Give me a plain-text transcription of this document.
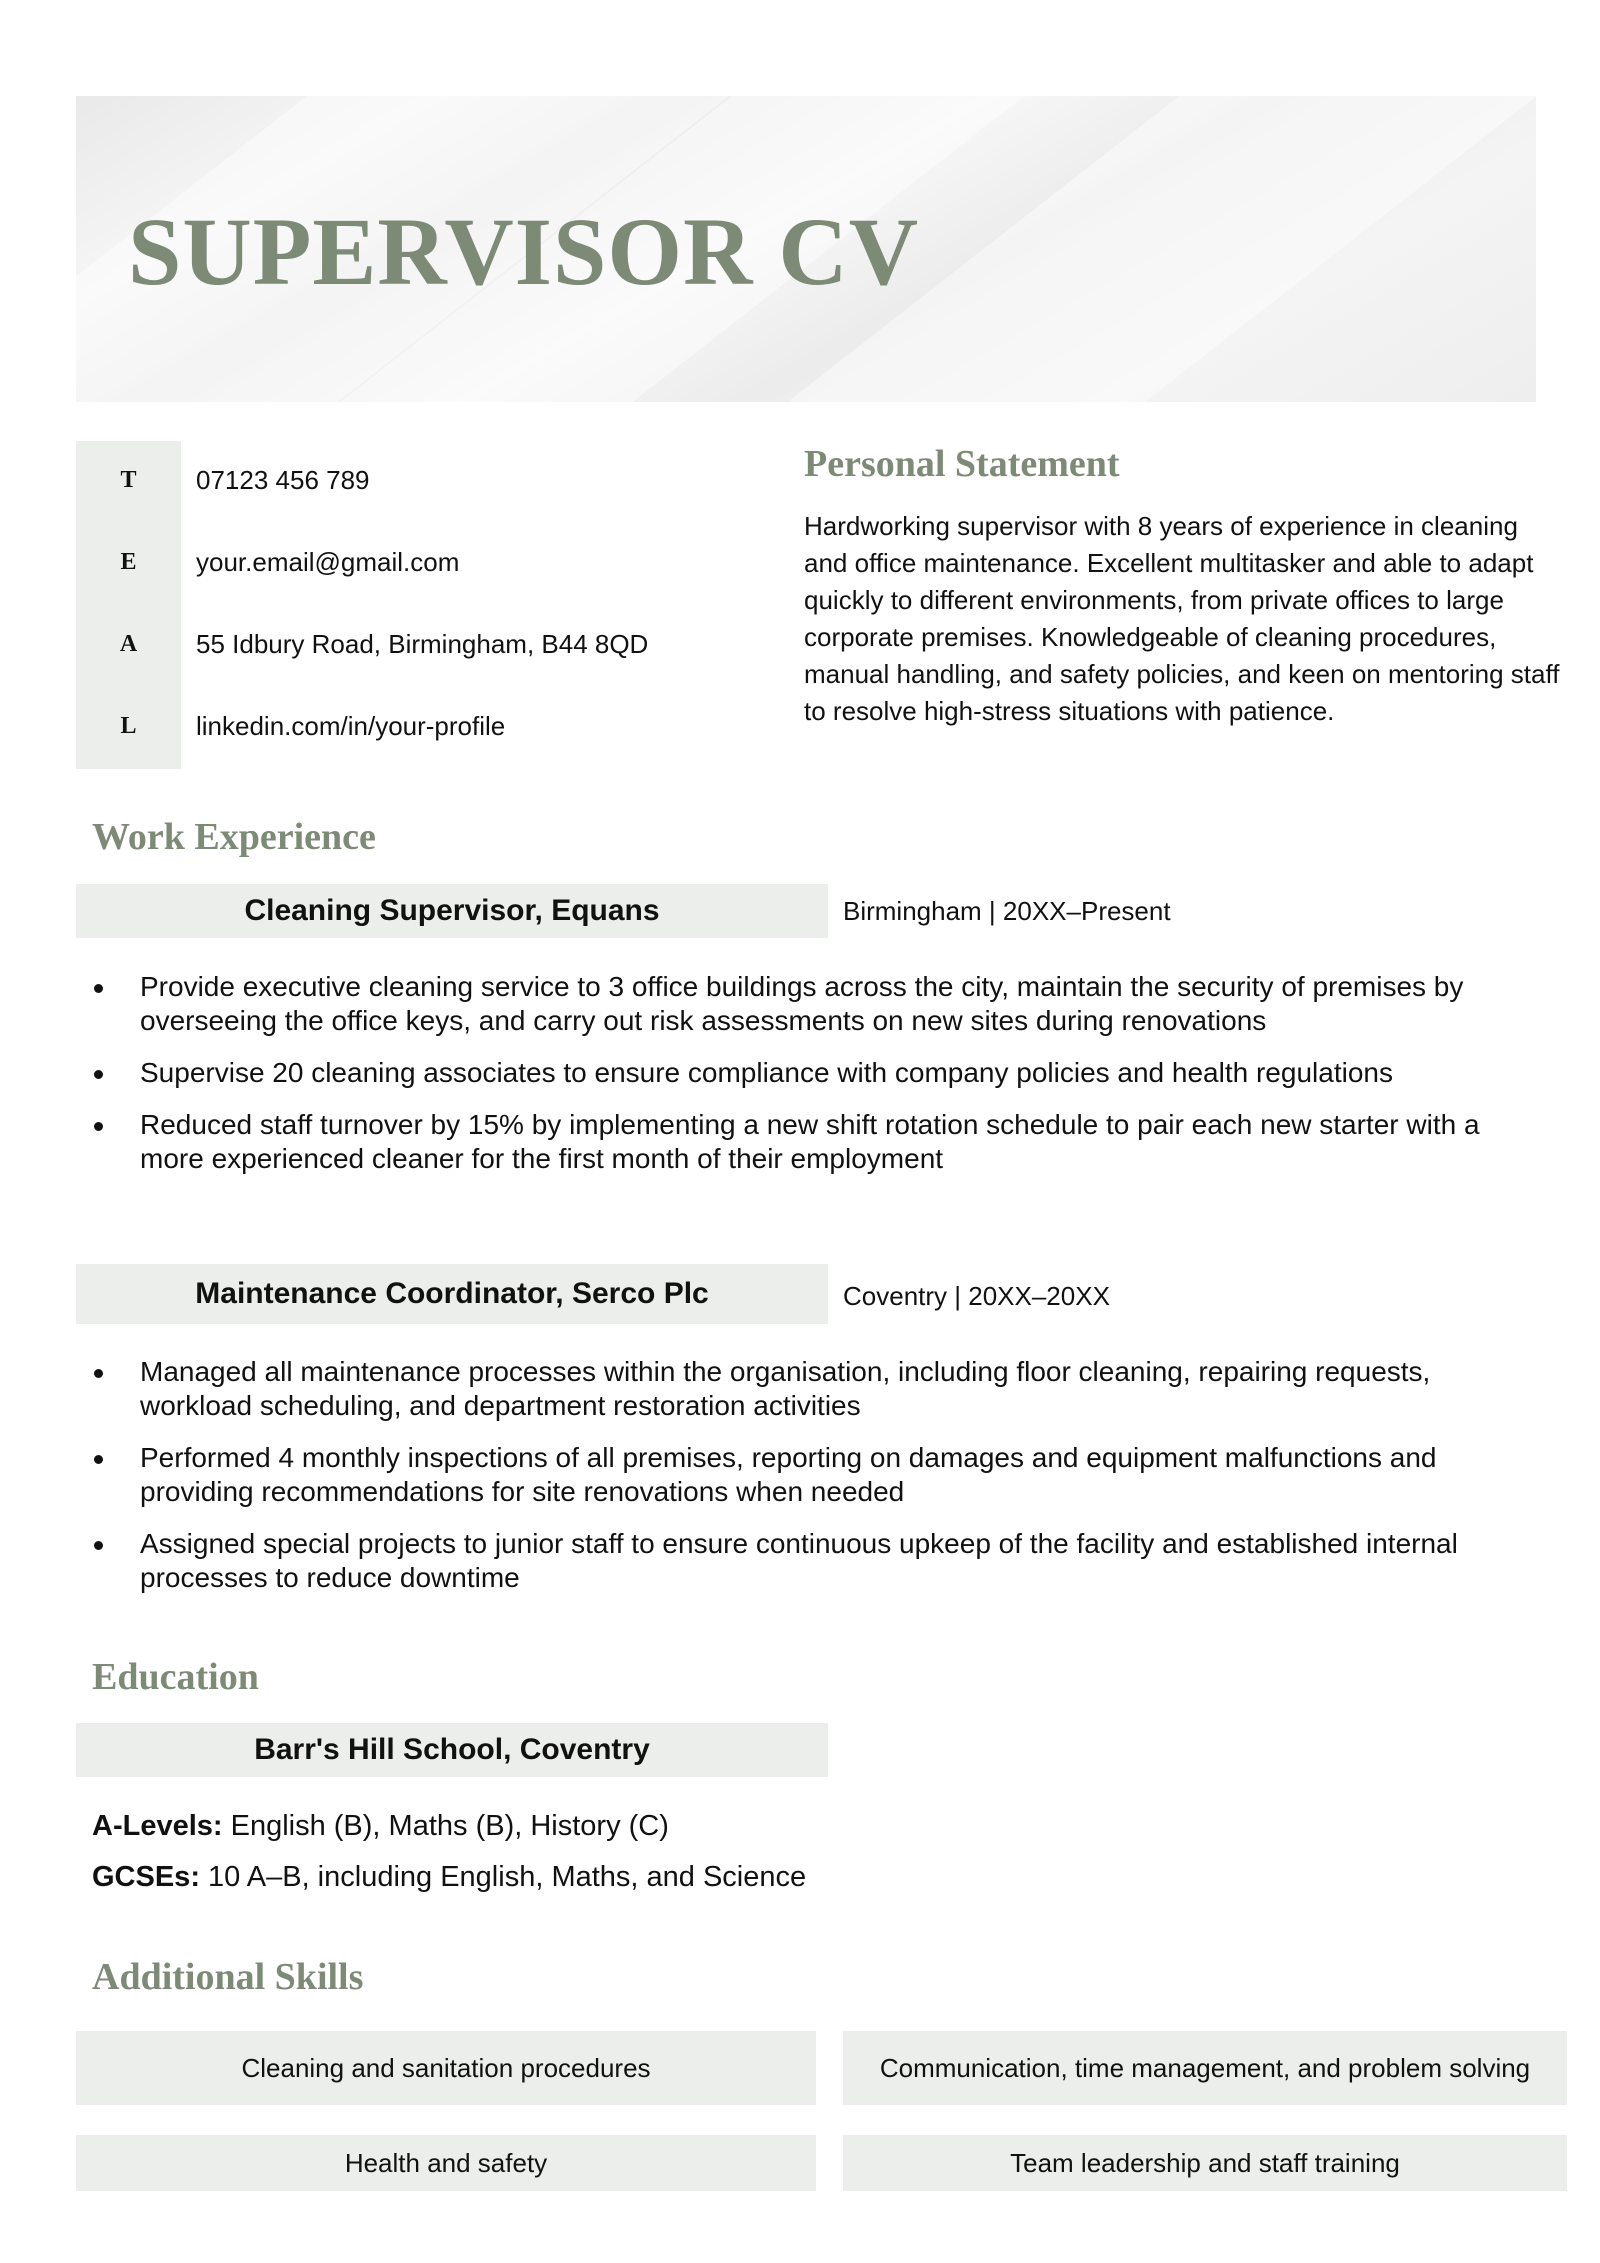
SUPERVISOR CV
T	07123 456 789
E	your.email@gmail.com
A	55 Idbury Road, Birmingham, B44 8QD
L	linkedin.com/in/your-profile
Personal Statement

Hardworking supervisor with 8 years of experience in cleaning and office maintenance. Excellent multitasker and able to adapt quickly to different environments, from private offices to large corporate premises. Knowledgeable of cleaning procedures, manual handling, and safety policies, and keen on mentoring staff to resolve high-stress situations with patience.

Work Experience
Cleaning Supervisor, Equans	Birmingham | 20XX–Present
Provide executive cleaning service to 3 office buildings across the city, maintain the security of premises by overseeing the office keys, and carry out risk assessments on new sites during renovations
Supervise 20 cleaning associates to ensure compliance with company policies and health regulations
Reduced staff turnover by 15% by implementing a new shift rotation schedule to pair each new starter with a more experienced cleaner for the first month of their employment
Maintenance Coordinator, Serco Plc	Coventry | 20XX–20XX
Managed all maintenance processes within the organisation, including floor cleaning, repairing requests, workload scheduling, and department restoration activities
Performed 4 monthly inspections of all premises, reporting on damages and equipment malfunctions and providing recommendations for site renovations when needed
Assigned special projects to junior staff to ensure continuous upkeep of the facility and established internal processes to reduce downtime
Education
Barr's Hill School, Coventry
A-Levels: English (B), Maths (B), History (C)
GCSEs: 10 A–B, including English, Maths, and Science
Additional Skills
Cleaning and sanitation procedures	Communication, time management, and problem solving
Health and safety	Team leadership and staff training
